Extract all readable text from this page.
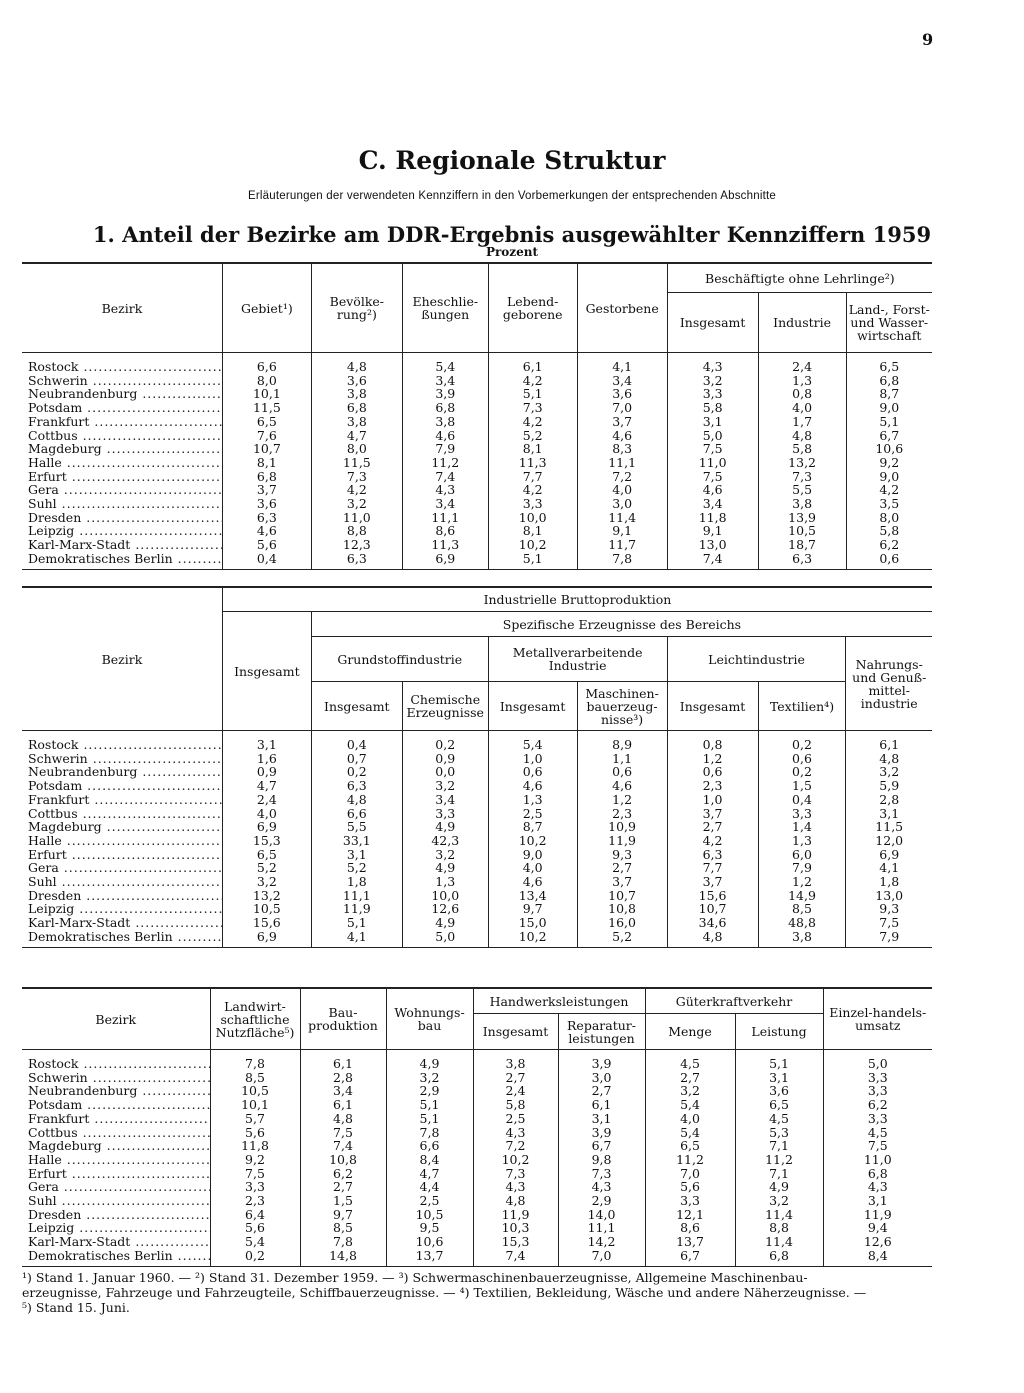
9
C. Regionale Struktur
Erläuterungen der verwendeten Kennziffern in den Vorbemerkungen der entsprechenden Abschnitte
1. Anteil der Bezirke am DDR-Ergebnis ausgewählter Kennziffern 1959
Prozent
Bezirk	Gebiet¹)	Bevölke-rung²)	Eheschlie-ßungen	Lebend-geborene	Gestorbene	Beschäftigte ohne Lehrlinge²)		
						Insgesamt	Industrie	Land-, Forst- und Wasser-wirtschaft
Rostock .....	6,6	4,8	5,4	6,1	4,1	4,3	2,4	6,5
Schwerin .....	8,0	3,6	3,4	4,2	3,4	3,2	1,3	6,8
Neubrandenburg .....	10,1	3,8	3,9	5,1	3,6	3,3	0,8	8,7
Potsdam .....	11,5	6,8	6,8	7,3	7,0	5,8	4,0	9,0
Frankfurt .....	6,5	3,8	3,8	4,2	3,7	3,1	1,7	5,1
Cottbus .....	7,6	4,7	4,6	5,2	4,6	5,0	4,8	6,7
Magdeburg .....	10,7	8,0	7,9	8,1	8,3	7,5	5,8	10,6
Halle .....	8,1	11,5	11,2	11,3	11,1	11,0	13,2	9,2
Erfurt .....	6,8	7,3	7,4	7,7	7,2	7,5	7,3	9,0
Gera .....	3,7	4,2	4,3	4,2	4,0	4,6	5,5	4,2
Suhl .....	3,6	3,2	3,4	3,3	3,0	3,4	3,8	3,5
Dresden .....	6,3	11,0	11,1	10,0	11,4	11,8	13,9	8,0
Leipzig .....	4,6	8,8	8,6	8,1	9,1	9,1	10,5	5,8
Karl-Marx-Stadt .....	5,6	12,3	11,3	10,2	11,7	13,0	18,7	6,2
Demokratisches Berlin .....	0,4	6,3	6,9	5,1	7,8	7,4	6,3	0,6
Bezirk	Industrielle Bruttoproduktion							
	Insgesamt	Spezifische Erzeugnisse des Bereichs						
		Grundstoffindustrie		Metallverarbeitende Industrie		Leichtindustrie		Nahrungs- und Genuß-mittel-industrie
		Insgesamt	Chemische Erzeugnisse	Insgesamt	Maschinen-bauerzeug-nisse³)	Insgesamt	Textilien⁴)	
Rostock .....	3,1	0,4	0,2	5,4	8,9	0,8	0,2	6,1
Schwerin .....	1,6	0,7	0,9	1,0	1,1	1,2	0,6	4,8
Neubrandenburg .....	0,9	0,2	0,0	0,6	0,6	0,6	0,2	3,2
Potsdam .....	4,7	6,3	3,2	4,6	4,6	2,3	1,5	5,9
Frankfurt .....	2,4	4,8	3,4	1,3	1,2	1,0	0,4	2,8
Cottbus .....	4,0	6,6	3,3	2,5	2,3	3,7	3,3	3,1
Magdeburg .....	6,9	5,5	4,9	8,7	10,9	2,7	1,4	11,5
Halle .....	15,3	33,1	42,3	10,2	11,9	4,2	1,3	12,0
Erfurt .....	6,5	3,1	3,2	9,0	9,3	6,3	6,0	6,9
Gera .....	5,2	5,2	4,9	4,0	2,7	7,7	7,9	4,1
Suhl .....	3,2	1,8	1,3	4,6	3,7	3,7	1,2	1,8
Dresden .....	13,2	11,1	10,0	13,4	10,7	15,6	14,9	13,0
Leipzig .....	10,5	11,9	12,6	9,7	10,8	10,7	8,5	9,3
Karl-Marx-Stadt .....	15,6	5,1	4,9	15,0	16,0	34,6	48,8	7,5
Demokratisches Berlin .....	6,9	4,1	5,0	10,2	5,2	4,8	3,8	7,9
Bezirk	Landwirt-schaftliche Nutzfläche⁵)	Bau-produktion	Wohnungs-bau	Handwerksleistungen		Güterkraftverkehr		Einzel-handels-umsatz
				Insgesamt	Reparatur-leistungen	Menge	Leistung	
Rostock .....	7,8	6,1	4,9	3,8	3,9	4,5	5,1	5,0
Schwerin .....	8,5	2,8	3,2	2,7	3,0	2,7	3,1	3,3
Neubrandenburg .....	10,5	3,4	2,9	2,4	2,7	3,2	3,6	3,3
Potsdam .....	10,1	6,1	5,1	5,8	6,1	5,4	6,5	6,2
Frankfurt .....	5,7	4,8	5,1	2,5	3,1	4,0	4,5	3,3
Cottbus .....	5,6	7,5	7,8	4,3	3,9	5,4	5,3	4,5
Magdeburg .....	11,8	7,4	6,6	7,2	6,7	6,5	7,1	7,5
Halle .....	9,2	10,8	8,4	10,2	9,8	11,2	11,2	11,0
Erfurt .....	7,5	6,2	4,7	7,3	7,3	7,0	7,1	6,8
Gera .....	3,3	2,7	4,4	4,3	4,3	5,6	4,9	4,3
Suhl .....	2,3	1,5	2,5	4,8	2,9	3,3	3,2	3,1
Dresden .....	6,4	9,7	10,5	11,9	14,0	12,1	11,4	11,9
Leipzig .....	5,6	8,5	9,5	10,3	11,1	8,6	8,8	9,4
Karl-Marx-Stadt .....	5,4	7,8	10,6	15,3	14,2	13,7	11,4	12,6
Demokratisches Berlin .....	0,2	14,8	13,7	7,4	7,0	6,7	6,8	8,4
¹) Stand 1. Januar 1960. — ²) Stand 31. Dezember 1959. — ³) Schwermaschinenbauerzeugnisse, Allgemeine Maschinenbau-
erzeugnisse, Fahrzeuge und Fahrzeugteile, Schiffbauerzeugnisse. — ⁴) Textilien, Bekleidung, Wäsche und andere Näherzeugnisse. —
⁵) Stand 15. Juni.
